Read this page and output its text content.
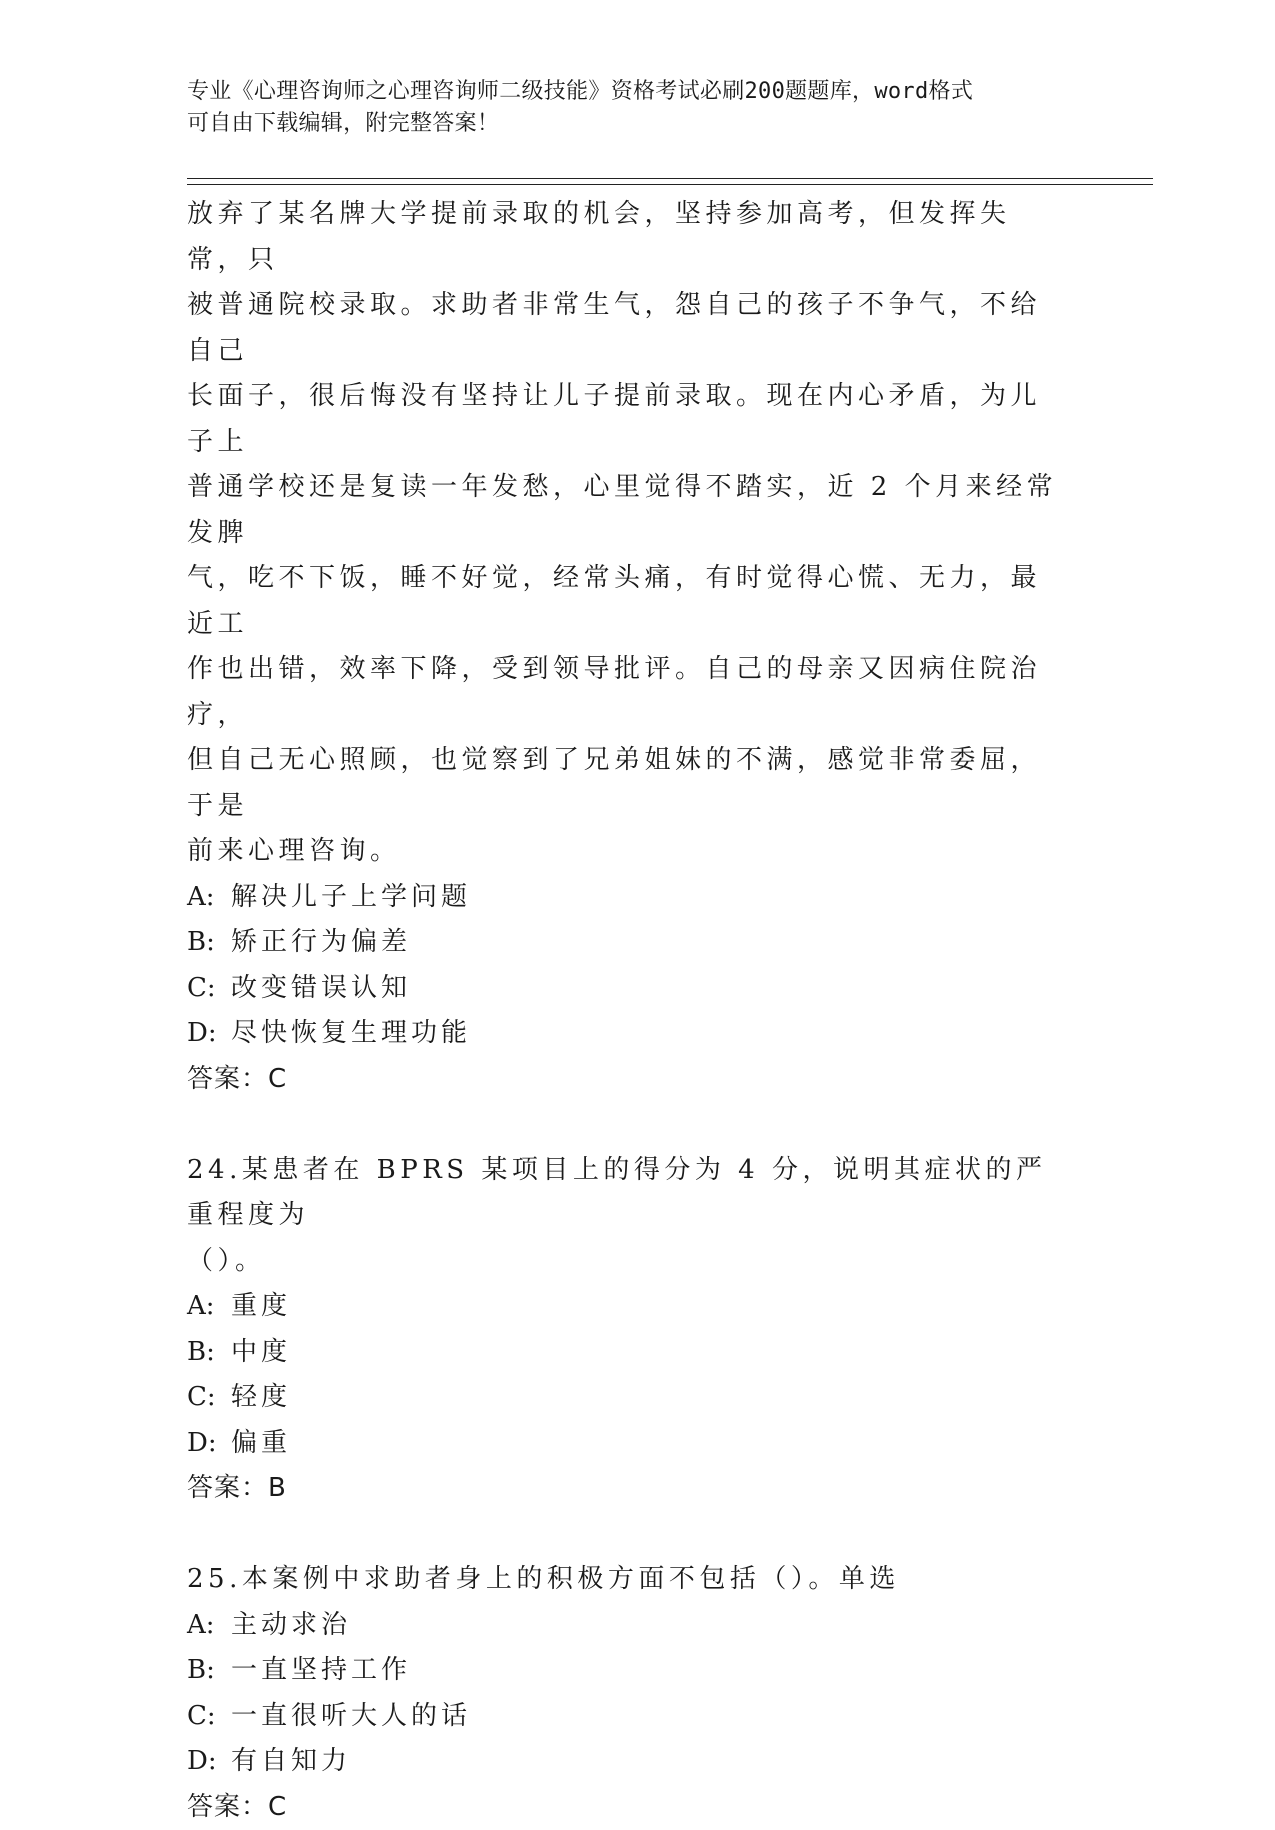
专业《心理咨询师之心理咨询师二级技能》资格考试必刷200题题库，word格式
可自由下载编辑，附完整答案！

放弃了某名牌大学提前录取的机会，坚持参加高考，但发挥失常，只

被普通院校录取。求助者非常生气，怨自己的孩子不争气，不给自己

长面子，很后悔没有坚持让儿子提前录取。现在内心矛盾，为儿子上

普通学校还是复读一年发愁，心里觉得不踏实，近 2 个月来经常发脾

气，吃不下饭，睡不好觉，经常头痛，有时觉得心慌、无力，最近工

作也出错，效率下降，受到领导批评。自己的母亲又因病住院治疗，

但自己无心照顾，也觉察到了兄弟姐妹的不满，感觉非常委屈，于是

前来心理咨询。

A: 解决儿子上学问题

B: 矫正行为偏差

C: 改变错误认知

D: 尽快恢复生理功能

答案：C

24.某患者在 BPRS 某项目上的得分为 4 分，说明其症状的严重程度为

（）。

A: 重度

B: 中度

C: 轻度

D: 偏重

答案：B

25.本案例中求助者身上的积极方面不包括（）。单选

A: 主动求治

B: 一直坚持工作

C: 一直很听大人的话

D: 有自知力

答案：C
